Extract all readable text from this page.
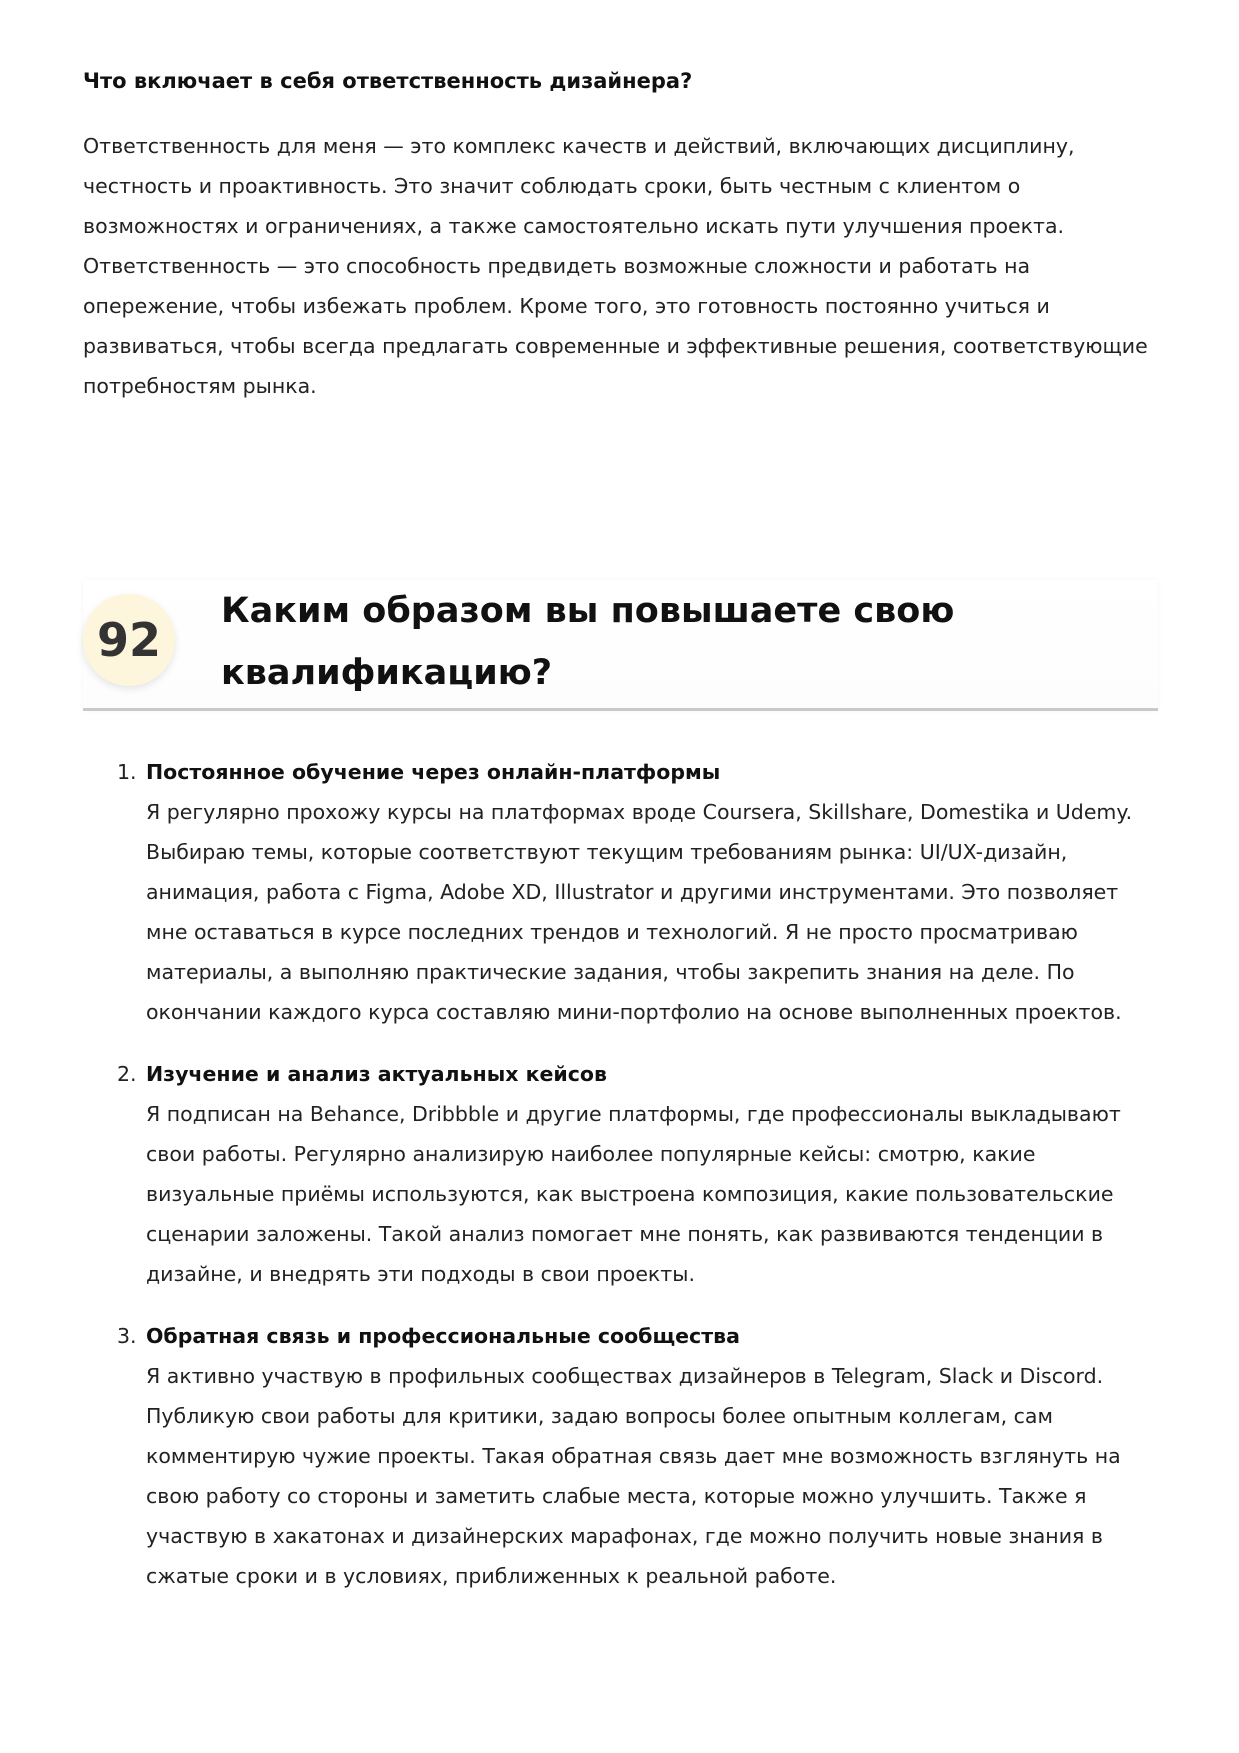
Что включает в себя ответственность дизайнера?

Ответственность для меня — это комплекс качеств и действий, включающих дисциплину, честность и проактивность. Это значит соблюдать сроки, быть честным с клиентом о возможностях и ограничениях, а также самостоятельно искать пути улучшения проекта. Ответственность — это способность предвидеть возможные сложности и работать на опережение, чтобы избежать проблем. Кроме того, это готовность постоянно учиться и развиваться, чтобы всегда предлагать современные и эффективные решения, соответствующие потребностям рынка.

92
Каким образом вы повышаете свою квалификацию?
1. Постоянное обучение через онлайн-платформы
Я регулярно прохожу курсы на платформах вроде Coursera, Skillshare, Domestika и Udemy. Выбираю темы, которые соответствуют текущим требованиям рынка: UI/UX-дизайн, анимация, работа с Figma, Adobe XD, Illustrator и другими инструментами. Это позволяет мне оставаться в курсе последних трендов и технологий. Я не просто просматриваю материалы, а выполняю практические задания, чтобы закрепить знания на деле. По окончании каждого курса составляю мини-портфолио на основе выполненных проектов.
2. Изучение и анализ актуальных кейсов
Я подписан на Behance, Dribbble и другие платформы, где профессионалы выкладывают свои работы. Регулярно анализирую наиболее популярные кейсы: смотрю, какие визуальные приёмы используются, как выстроена композиция, какие пользовательские сценарии заложены. Такой анализ помогает мне понять, как развиваются тенденции в дизайне, и внедрять эти подходы в свои проекты.
3. Обратная связь и профессиональные сообщества
Я активно участвую в профильных сообществах дизайнеров в Telegram, Slack и Discord. Публикую свои работы для критики, задаю вопросы более опытным коллегам, сам комментирую чужие проекты. Такая обратная связь дает мне возможность взглянуть на свою работу со стороны и заметить слабые места, которые можно улучшить. Также я участвую в хакатонах и дизайнерских марафонах, где можно получить новые знания в сжатые сроки и в условиях, приближенных к реальной работе.
